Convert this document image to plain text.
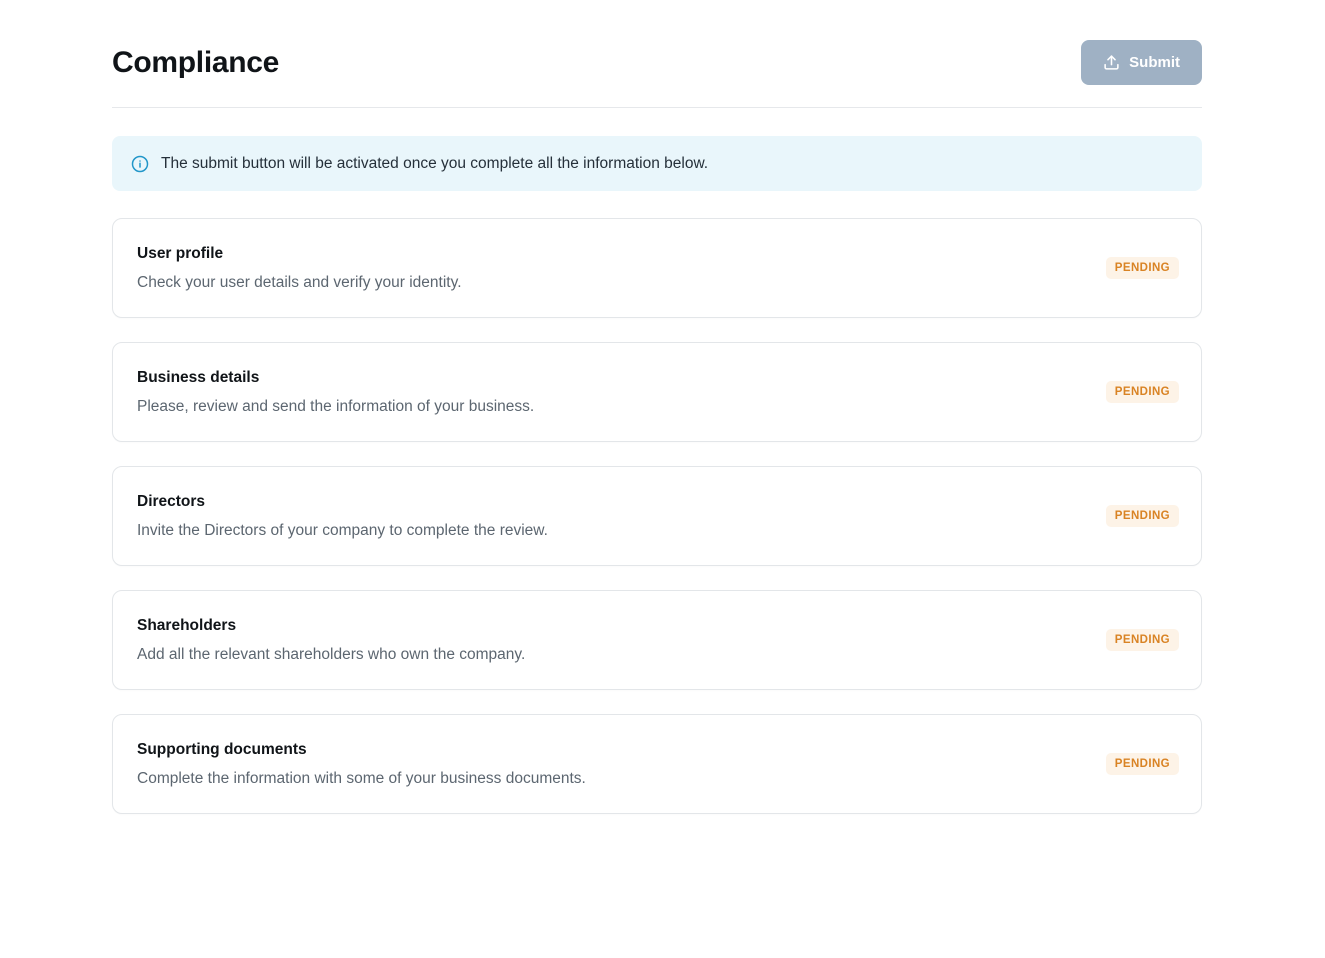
Compliance	Submit
The submit button will be activated once you complete all the information below.
User profile
Check your user details and verify your identity.
PENDING
Business details
Please, review and send the information of your business.
PENDING
Directors
Invite the Directors of your company to complete the review.
PENDING
Shareholders
Add all the relevant shareholders who own the company.
PENDING
Supporting documents
Complete the information with some of your business documents.
PENDING
